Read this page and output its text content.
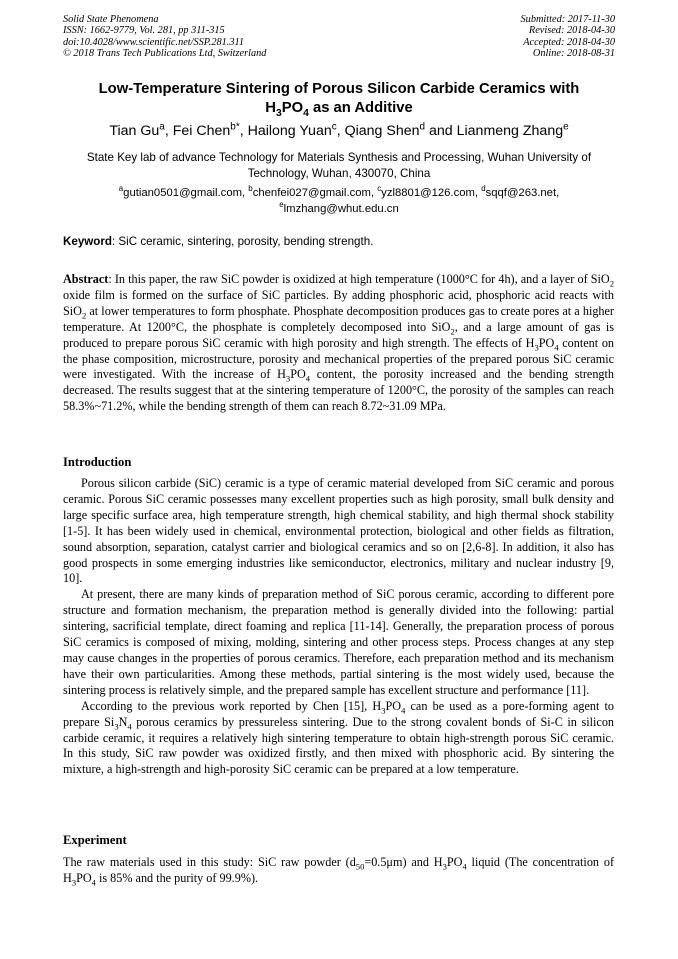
Solid State Phenomena
ISSN: 1662-9779, Vol. 281, pp 311-315
doi:10.4028/www.scientific.net/SSP.281.311
© 2018 Trans Tech Publications Ltd, Switzerland
Submitted: 2017-11-30
Revised: 2018-04-30
Accepted: 2018-04-30
Online: 2018-08-31
Low-Temperature Sintering of Porous Silicon Carbide Ceramics with
$H_3PO_4$ as an Additive
Tian Gu$^a$, Fei Chen$^{b*}$, Hailong Yuan$^c$, Qiang Shen$^d$ and Lianmeng Zhang$^e$
State Key lab of advance Technology for Materials Synthesis and Processing, Wuhan University of Technology, Wuhan, 430070, China
$^a$gutian0501@gmail.com, $^b$chenfei027@gmail.com, $^c$yzl8801@126.com, $^d$sqqf@263.net,
$^e$lmzhang@whut.edu.cn
Keyword: SiC ceramic, sintering, porosity, bending strength.

Abstract: In this paper, the raw SiC powder is oxidized at high temperature (1000°C for 4h), and a layer of SiO$_2$ oxide film is formed on the surface of SiC particles. By adding phosphoric acid, phosphoric acid reacts with SiO$_2$ at lower temperatures to form phosphate. Phosphate decomposition produces gas to create pores at a higher temperature. At 1200°C, the phosphate is completely decomposed into SiO$_2$, and a large amount of gas is produced to prepare porous SiC ceramic with high porosity and high strength. The effects of $H_3PO_4$ content on the phase composition, microstructure, porosity and mechanical properties of the prepared porous SiC ceramic were investigated. With the increase of $H_3PO_4$ content, the porosity increased and the bending strength decreased. The results suggest that at the sintering temperature of 1200°C, the porosity of the samples can reach 58.3%~71.2%, while the bending strength of them can reach 8.72~31.09 MPa.

Introduction

Porous silicon carbide (SiC) ceramic is a type of ceramic material developed from SiC ceramic and porous ceramic. Porous SiC ceramic possesses many excellent properties such as high porosity, small bulk density and large specific surface area, high temperature strength, high chemical stability, and high thermal shock stability [1-5]. It has been widely used in chemical, environmental protection, biological and other fields as filtration, sound absorption, separation, catalyst carrier and biological ceramics and so on [2,6-8]. In addition, it also has good prospects in some emerging industries like semiconductor, electronics, military and nuclear industry [9, 10].

At present, there are many kinds of preparation method of SiC porous ceramic, according to different pore structure and formation mechanism, the preparation method is generally divided into the following: partial sintering, sacrificial template, direct foaming and replica [11-14]. Generally, the preparation process of porous SiC ceramics is composed of mixing, molding, sintering and other process steps. Process changes at any step may cause changes in the properties of porous ceramics. Therefore, each preparation method and its mechanism have their own particularities. Among these methods, partial sintering is the most widely used, because the sintering process is relatively simple, and the prepared sample has excellent structure and performance [11].

According to the previous work reported by Chen [15], $H_3PO_4$ can be used as a pore-forming agent to prepare $Si_3N_4$ porous ceramics by pressureless sintering. Due to the strong covalent bonds of Si-C in silicon carbide ceramic, it requires a relatively high sintering temperature to obtain high-strength porous SiC ceramic. In this study, SiC raw powder was oxidized firstly, and then mixed with phosphoric acid. By sintering the mixture, a high-strength and high-porosity SiC ceramic can be prepared at a low temperature.

Experiment

The raw materials used in this study: SiC raw powder $(d_{50}=0.5\mu m)$ and $H_3PO_4$ liquid (The concentration of $H_3PO_4$ is 85% and the purity of 99.9%).
